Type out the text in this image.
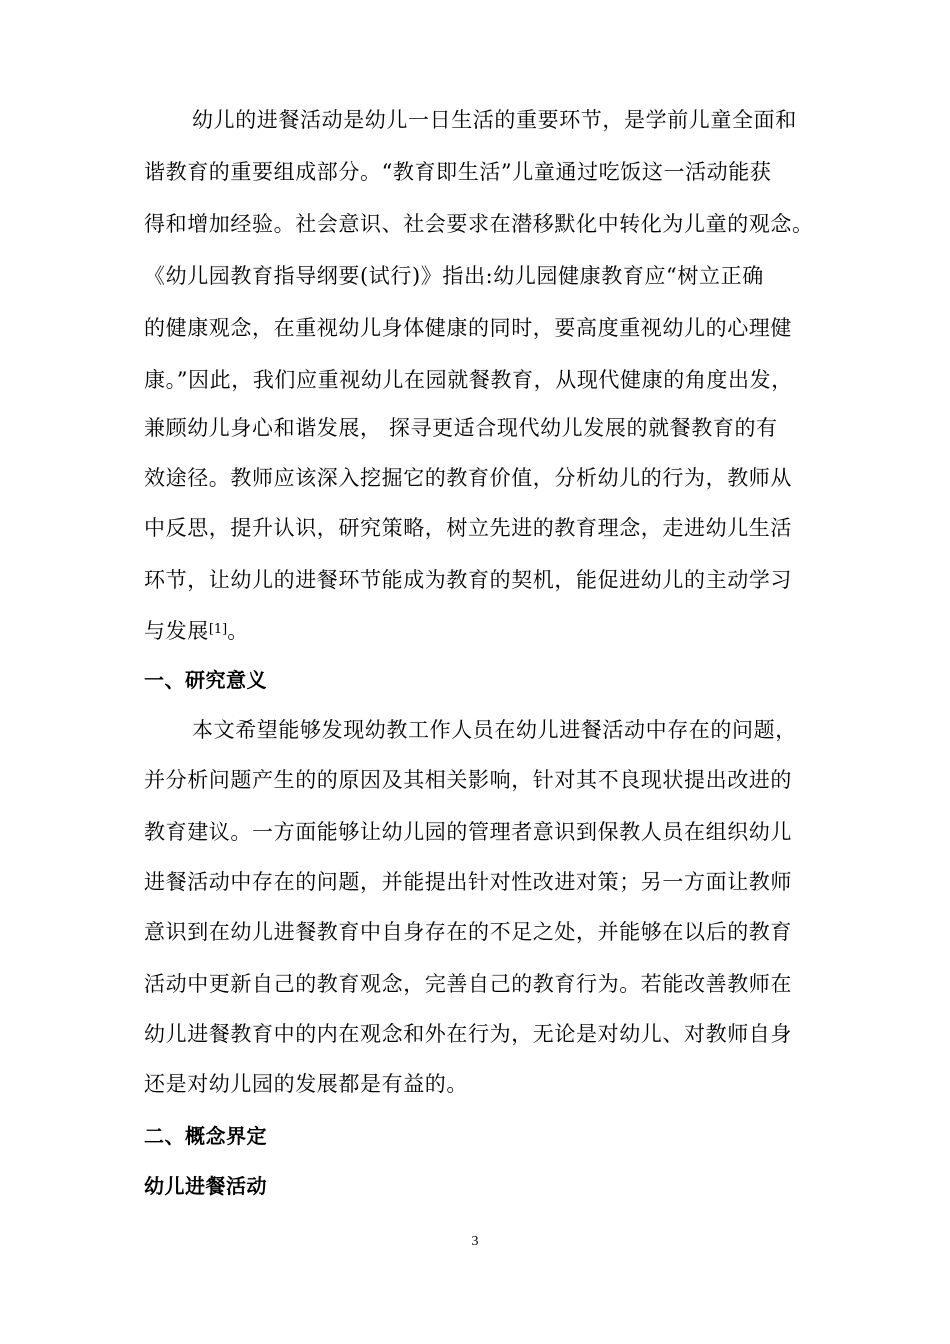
幼儿的进餐活动是幼儿一日生活的重要环节，是学前儿童全面和

谐教育的重要组成部分。“教育即生活”儿童通过吃饭这一活动能获

得和增加经验。社会意识、社会要求在潜移默化中转化为儿童的观念。

《幼儿园教育指导纲要(试行)》指出:幼儿园健康教育应“树立正确

的健康观念，在重视幼儿身体健康的同时，要高度重视幼儿的心理健

康。”因此，我们应重视幼儿在园就餐教育，从现代健康的角度出发，

兼顾幼儿身心和谐发展， 探寻更适合现代幼儿发展的就餐教育的有

效途径。教师应该深入挖掘它的教育价值，分析幼儿的行为，教师从

中反思，提升认识，研究策略，树立先进的教育理念，走进幼儿生活

环节，让幼儿的进餐环节能成为教育的契机，能促进幼儿的主动学习

与发展[1]。

一、研究意义

本文希望能够发现幼教工作人员在幼儿进餐活动中存在的问题，

并分析问题产生的的原因及其相关影响，针对其不良现状提出改进的

教育建议。一方面能够让幼儿园的管理者意识到保教人员在组织幼儿

进餐活动中存在的问题，并能提出针对性改进对策；另一方面让教师

意识到在幼儿进餐教育中自身存在的不足之处，并能够在以后的教育

活动中更新自己的教育观念，完善自己的教育行为。若能改善教师在

幼儿进餐教育中的内在观念和外在行为，无论是对幼儿、对教师自身

还是对幼儿园的发展都是有益的。

二、概念界定
幼儿进餐活动
3
